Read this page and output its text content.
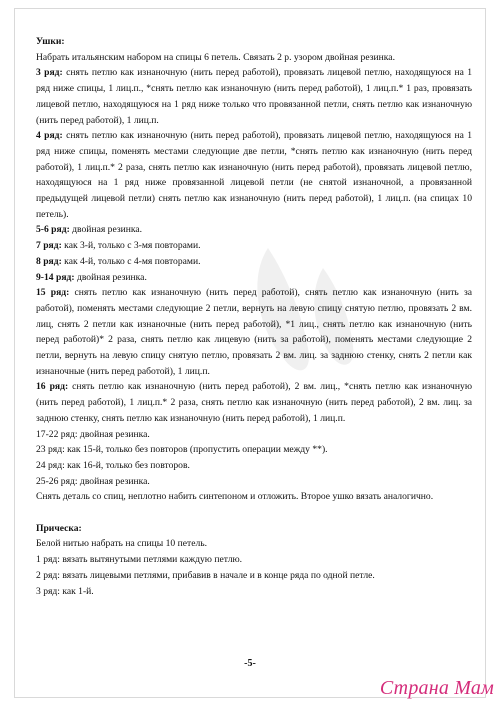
Ушки:

Набрать итальянским набором на спицы 6 петель. Связать 2 р. узором двойная резинка.

3 ряд: снять петлю как изнаночную (нить перед работой), провязать лицевой петлю, находящуюся на 1 ряд ниже спицы, 1 лиц.п., *снять петлю как изнаночную (нить перед работой), 1 лиц.п.* 1 раз, провязать лицевой петлю, находящуюся на 1 ряд ниже только что провязанной петли, снять петлю как изнаночную (нить перед работой), 1 лиц.п.

4 ряд: снять петлю как изнаночную (нить перед работой), провязать лицевой петлю, находящуюся на 1 ряд ниже спицы, поменять местами следующие две петли, *снять петлю как изнаночную (нить перед работой), 1 лиц.п.* 2 раза, снять петлю как изнаночную (нить перед работой), провязать лицевой петлю, находящуюся на 1 ряд ниже провязанной лицевой петли (не снятой изнаночной, а провязанной предыдущей лицевой петли) снять петлю как изнаночную (нить перед работой), 1 лиц.п. (на спицах 10 петель).

5-6 ряд: двойная резинка.

7 ряд: как 3-й, только с 3-мя повторами.

8 ряд: как 4-й, только с 4-мя повторами.

9-14 ряд: двойная резинка.

15 ряд: снять петлю как изнаночную (нить перед работой), снять петлю как изнаночную (нить за работой), поменять местами следующие 2 петли, вернуть на левую спицу снятую петлю, провязать 2 вм. лиц, снять 2 петли как изнаночные (нить перед работой), *1 лиц., снять петлю как изнаночную (нить перед работой)* 2 раза, снять петлю как лицевую (нить за работой), поменять местами следующие 2 петли, вернуть на левую спицу снятую петлю, провязать 2 вм. лиц. за заднюю стенку, снять 2 петли как изнаночные (нить перед работой), 1 лиц.п.

16 ряд: снять петлю как изнаночную (нить перед работой), 2 вм. лиц., *снять петлю как изнаночную (нить перед работой), 1 лиц.п.* 2 раза, снять петлю как изнаночную (нить перед работой), 2 вм. лиц. за заднюю стенку, снять петлю как изнаночную (нить перед работой), 1 лиц.п.

17-22 ряд: двойная резинка.

23 ряд: как 15-й, только без повторов (пропустить операции между **).

24 ряд: как 16-й, только без повторов.

25-26 ряд: двойная резинка.

Снять деталь со спиц, неплотно набить синтепоном и отложить. Второе ушко вязать аналогично.

Прическа:

Белой нитью набрать на спицы 10 петель.

1 ряд: вязать вытянутыми петлями каждую петлю.

2 ряд: вязать лицевыми петлями, прибавив в начале и в конце ряда по одной петле.

3 ряд: как 1-й.

-5-
Страна Мам
